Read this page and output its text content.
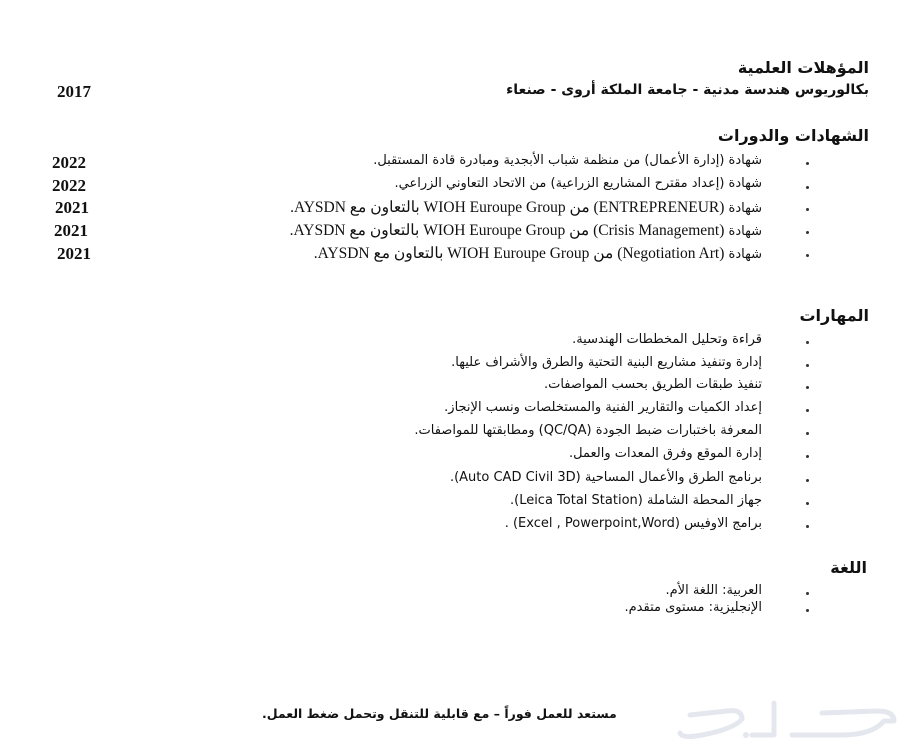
المؤهلات العلمية
بكالوريوس هندسة مدنية - جامعة الملكة أروى - صنعاء
2017
الشهادات والدورات
شهادة (إدارة الأعمال) من منظمة شباب الأبجدية ومبادرة قادة المستقبل.
2022
شهادة (إعداد مقترح المشاريع الزراعية) من الاتحاد التعاوني الزراعي.
2022
شهادة (ENTREPRENEUR) من WIOH Euroupe Group بالتعاون مع AYSDN.
2021
شهادة (Crisis Management) من WIOH Euroupe Group بالتعاون مع AYSDN.
2021
شهادة (Negotiation Art) من WIOH Euroupe Group بالتعاون مع AYSDN.
2021
المهارات
قراءة وتحليل المخططات الهندسية.
إدارة وتنفيذ مشاريع البنية التحتية والطرق والأشراف عليها.
تنفيذ طبقات الطريق بحسب المواصفات.
إعداد الكميات والتقارير الفنية والمستخلصات ونسب الإنجاز.
المعرفة باختبارات ضبط الجودة (QC/QA) ومطابقتها للمواصفات.
إدارة الموقع وفرق المعدات والعمل.
برنامج الطرق والأعمال المساحية (Auto CAD Civil 3D).
جهاز المحطة الشاملة (Leica Total Station).
برامج الاوفيس (Excel , Powerpoint,Word) .
اللغة
العربية: اللغة الأم.
الإنجليزية: مستوى متقدم.
مستعد للعمل فوراً – مع قابلية للتنقل وتحمل ضغط العمل.
حراج
